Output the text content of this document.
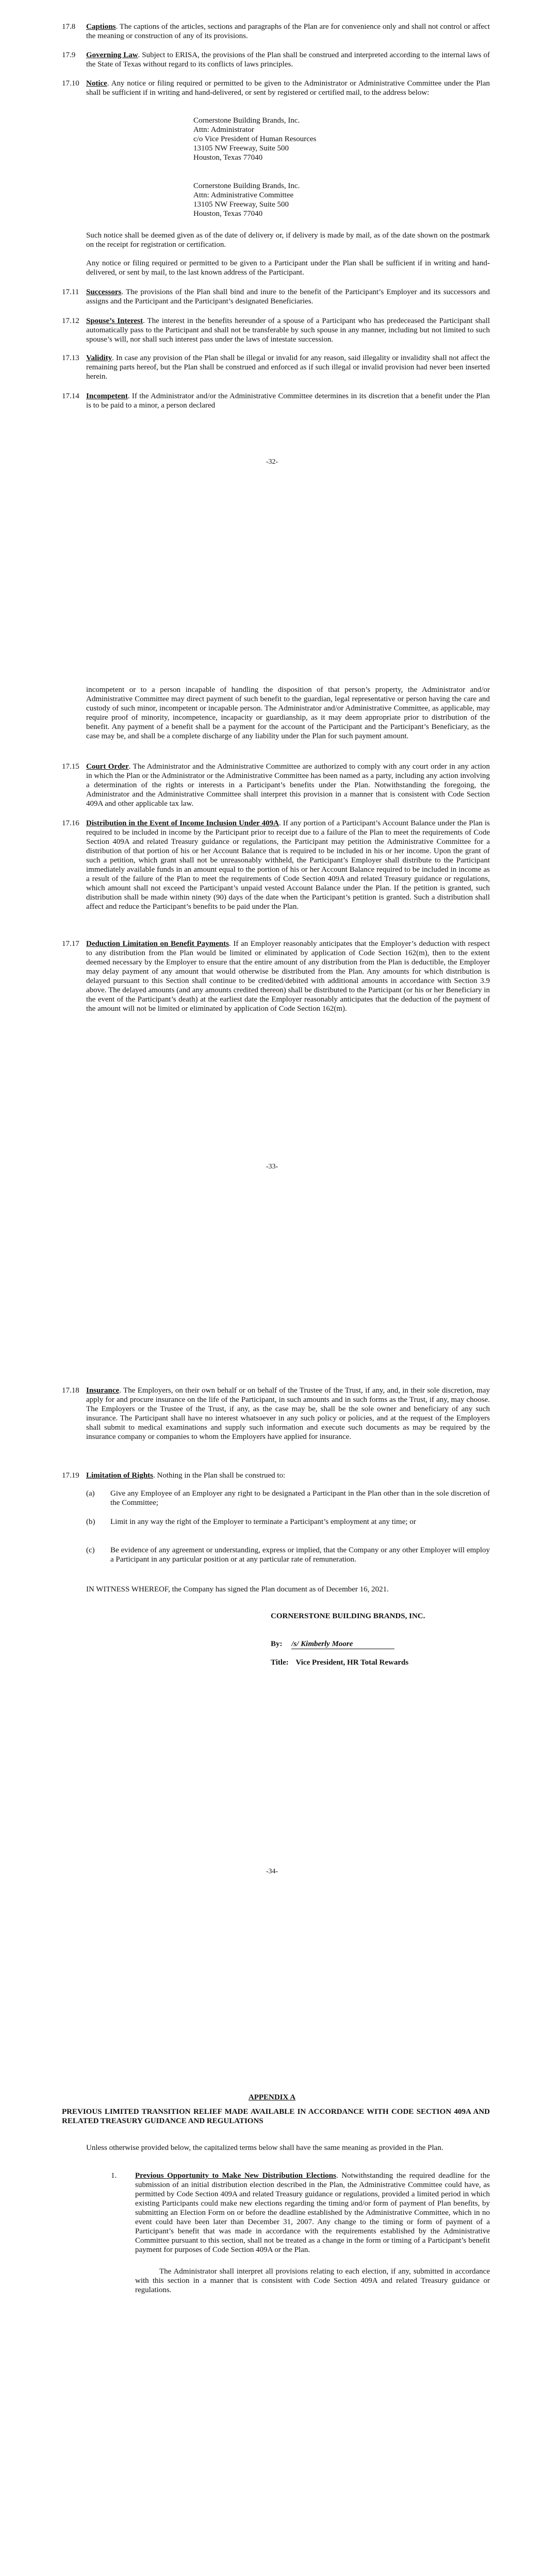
17.8	Captions. The captions of the articles, sections and paragraphs of the Plan are for convenience only and shall not control or affect the meaning or construction of any of its provisions.
17.9	Governing Law. Subject to ERISA, the provisions of the Plan shall be construed and interpreted according to the internal laws of the State of Texas without regard to its conflicts of laws principles.
17.10 Notice. Any notice or filing required or permitted to be given to the Administrator or Administrative Committee under the Plan shall be sufficient if in writing and hand-delivered, or sent by registered or certified mail, to the address below:
Cornerstone Building Brands, Inc.
Attn: Administrator
c/o Vice President of Human Resources
13105 NW Freeway, Suite 500
Houston, Texas 77040
Cornerstone Building Brands, Inc.
Attn: Administrative Committee
13105 NW Freeway, Suite 500
Houston, Texas 77040
Such notice shall be deemed given as of the date of delivery or, if delivery is made by mail, as of the date shown on the postmark on the receipt for registration or certification.
Any notice or filing required or permitted to be given to a Participant under the Plan shall be sufficient if in writing and hand-delivered, or sent by mail, to the last known address of the Participant.
17.11 Successors. The provisions of the Plan shall bind and inure to the benefit of the Participant’s Employer and its successors and assigns and the Participant and the Participant’s designated Beneficiaries.
17.12 Spouse’s Interest. The interest in the benefits hereunder of a spouse of a Participant who has predeceased the Participant shall automatically pass to the Participant and shall not be transferable by such spouse in any manner, including but not limited to such spouse’s will, nor shall such interest pass under the laws of intestate succession.
17.13 Validity. In case any provision of the Plan shall be illegal or invalid for any reason, said illegality or invalidity shall not affect the remaining parts hereof, but the Plan shall be construed and enforced as if such illegal or invalid provision had never been inserted herein.
17.14 Incompetent. If the Administrator and/or the Administrative Committee determines in its discretion that a benefit under the Plan is to be paid to a minor, a person declared
-32-
incompetent or to a person incapable of handling the disposition of that person’s property, the Administrator and/or Administrative Committee may direct payment of such benefit to the guardian, legal representative or person having the care and custody of such minor, incompetent or incapable person. The Administrator and/or Administrative Committee, as applicable, may require proof of minority, incompetence, incapacity or guardianship, as it may deem appropriate prior to distribution of the benefit. Any payment of a benefit shall be a payment for the account of the Participant and the Participant’s Beneficiary, as the case may be, and shall be a complete discharge of any liability under the Plan for such payment amount.
17.15 Court Order. The Administrator and the Administrative Committee are authorized to comply with any court order in any action in which the Plan or the Administrator or the Administrative Committee has been named as a party, including any action involving a determination of the rights or interests in a Participant’s benefits under the Plan. Notwithstanding the foregoing, the Administrator and the Administrative Committee shall interpret this provision in a manner that is consistent with Code Section 409A and other applicable tax law.
17.16 Distribution in the Event of Income Inclusion Under 409A. If any portion of a Participant’s Account Balance under the Plan is required to be included in income by the Participant prior to receipt due to a failure of the Plan to meet the requirements of Code Section 409A and related Treasury guidance or regulations, the Participant may petition the Administrative Committee for a distribution of that portion of his or her Account Balance that is required to be included in his or her income. Upon the grant of such a petition, which grant shall not be unreasonably withheld, the Participant’s Employer shall distribute to the Participant immediately available funds in an amount equal to the portion of his or her Account Balance required to be included in income as a result of the failure of the Plan to meet the requirements of Code Section 409A and related Treasury guidance or regulations, which amount shall not exceed the Participant’s unpaid vested Account Balance under the Plan. If the petition is granted, such distribution shall be made within ninety (90) days of the date when the Participant’s petition is granted. Such a distribution shall affect and reduce the Participant’s benefits to be paid under the Plan.
17.17 Deduction Limitation on Benefit Payments. If an Employer reasonably anticipates that the Employer’s deduction with respect to any distribution from the Plan would be limited or eliminated by application of Code Section 162(m), then to the extent deemed necessary by the Employer to ensure that the entire amount of any distribution from the Plan is deductible, the Employer may delay payment of any amount that would otherwise be distributed from the Plan. Any amounts for which distribution is delayed pursuant to this Section shall continue to be credited/debited with additional amounts in accordance with Section 3.9 above. The delayed amounts (and any amounts credited thereon) shall be distributed to the Participant (or his or her Beneficiary in the event of the Participant’s death) at the earliest date the Employer reasonably anticipates that the deduction of the payment of the amount will not be limited or eliminated by application of Code Section 162(m).
-33-
17.18 Insurance. The Employers, on their own behalf or on behalf of the Trustee of the Trust, if any, and, in their sole discretion, may apply for and procure insurance on the life of the Participant, in such amounts and in such forms as the Trust, if any, may choose. The Employers or the Trustee of the Trust, if any, as the case may be, shall be the sole owner and beneficiary of any such insurance. The Participant shall have no interest whatsoever in any such policy or policies, and at the request of the Employers shall submit to medical examinations and supply such information and execute such documents as may be required by the insurance company or companies to whom the Employers have applied for insurance.
17.19 Limitation of Rights. Nothing in the Plan shall be construed to:
(a) Give any Employee of an Employer any right to be designated a Participant in the Plan other than in the sole discretion of the Committee;
(b) Limit in any way the right of the Employer to terminate a Participant’s employment at any time; or
(c) Be evidence of any agreement or understanding, express or implied, that the Company or any other Employer will employ a Participant in any particular position or at any particular rate of remuneration.
IN WITNESS WHEREOF, the Company has signed the Plan document as of December 16, 2021.
CORNERSTONE BUILDING BRANDS, INC.
By: /s/ Kimberly Moore
Title: Vice President, HR Total Rewards
-34-
APPENDIX A
PREVIOUS LIMITED TRANSITION RELIEF MADE AVAILABLE IN ACCORDANCE WITH CODE SECTION 409A AND RELATED TREASURY GUIDANCE AND REGULATIONS
Unless otherwise provided below, the capitalized terms below shall have the same meaning as provided in the Plan.
1. Previous Opportunity to Make New Distribution Elections. Notwithstanding the required deadline for the submission of an initial distribution election described in the Plan, the Administrative Committee could have, as permitted by Code Section 409A and related Treasury guidance or regulations, provided a limited period in which existing Participants could make new elections regarding the timing and/or form of payment of Plan benefits, by submitting an Election Form on or before the deadline established by the Administrative Committee, which in no event could have been later than December 31, 2007. Any change to the timing or form of payment of a Participant’s benefit that was made in accordance with the requirements established by the Administrative Committee pursuant to this section, shall not be treated as a change in the form or timing of a Participant’s benefit payment for purposes of Code Section 409A or the Plan.
The Administrator shall interpret all provisions relating to each election, if any, submitted in accordance with this section in a manner that is consistent with Code Section 409A and related Treasury guidance or regulations.
